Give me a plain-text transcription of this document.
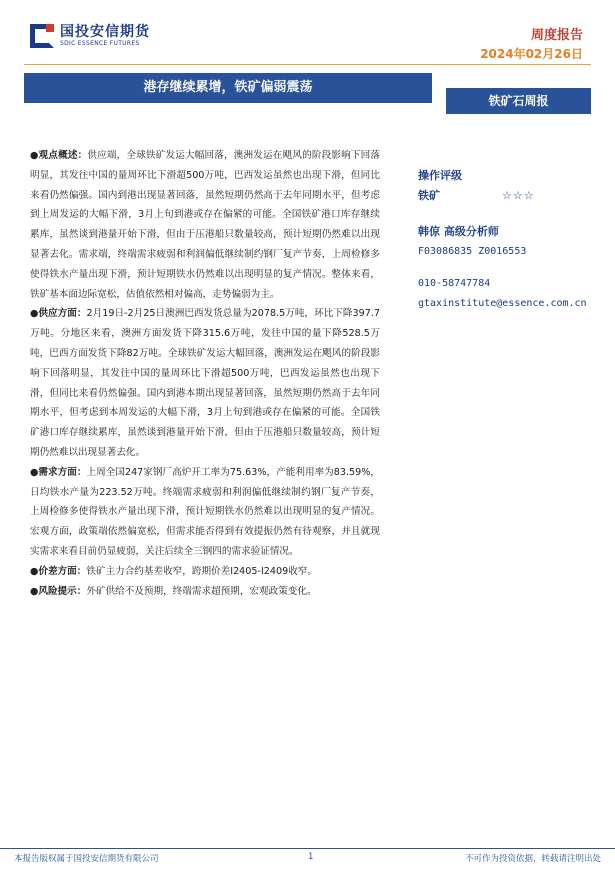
国投安信期货
SDIC ESSENCE FUTURES
周度报告
2024年02月26日
港存继续累增，铁矿偏弱震荡
铁矿石周报

●观点概述：供应端，全球铁矿发运大幅回落，澳洲发运在飓风的阶段影响下回落明显，其发往中国的量周环比下滑超500万吨，巴西发运虽然也出现下滑，但同比来看仍然偏强。国内到港出现显著回落，虽然短期仍然高于去年同期水平，但考虑到上周发运的大幅下滑，3月上旬到港或存在偏紧的可能。全国铁矿港口库存继续累库，虽然谈到港量开始下滑，但由于压港船只数量较高，预计短期仍然难以出现显著去化。需求端，终端需求疲弱和利润偏低继续制约钢厂复产节奏，上周检修多使得铁水产量出现下滑，预计短期铁水仍然难以出现明显的复产情况。整体来看，铁矿基本面边际宽松，估值依然相对偏高，走势偏弱为主。

●供应方面：2月19日-2月25日澳洲巴西发货总量为2078.5万吨，环比下降397.7万吨。分地区来看，澳洲方面发货下降315.6万吨，发往中国的量下降528.5万吨，巴西方面发货下降82万吨。全球铁矿发运大幅回落，澳洲发运在飓风的阶段影响下回落明显，其发往中国的量周环比下滑超500万吨，巴西发运虽然也出现下滑，但同比来看仍然偏强。国内到港本期出现显著回落，虽然短期仍然高于去年同期水平，但考虑到本周发运的大幅下滑，3月上旬到港或存在偏紧的可能。全国铁矿港口库存继续累库，虽然谈到港量开始下滑，但由于压港船只数量较高，预计短期仍然难以出现显著去化。

●需求方面：上周全国247家钢厂高炉开工率为75.63%，产能利用率为83.59%，日均铁水产量为223.52万吨。终端需求疲弱和利润偏低继续制约钢厂复产节奏，上周检修多使得铁水产量出现下滑，预计短期铁水仍然难以出现明显的复产情况。宏观方面，政策端依然偏宽松，但需求能否得到有效提振仍然有待观察，并且就现实需求来看目前仍显疲弱，关注后续全三钢四的需求验证情况。

●价差方面：铁矿主力合约基差收窄，跨期价差I2405-I2409收窄。

●风险提示：外矿供给不及预期，终端需求超预期，宏观政策变化。

操作评级
铁矿	☆☆☆
韩倞 高级分析师
F03086835 Z0016553
010-58747784
gtaxinstitute@essence.com.cn
本报告版权属于国投安信期货有限公司	1	不可作为投资依据，转载请注明出处
